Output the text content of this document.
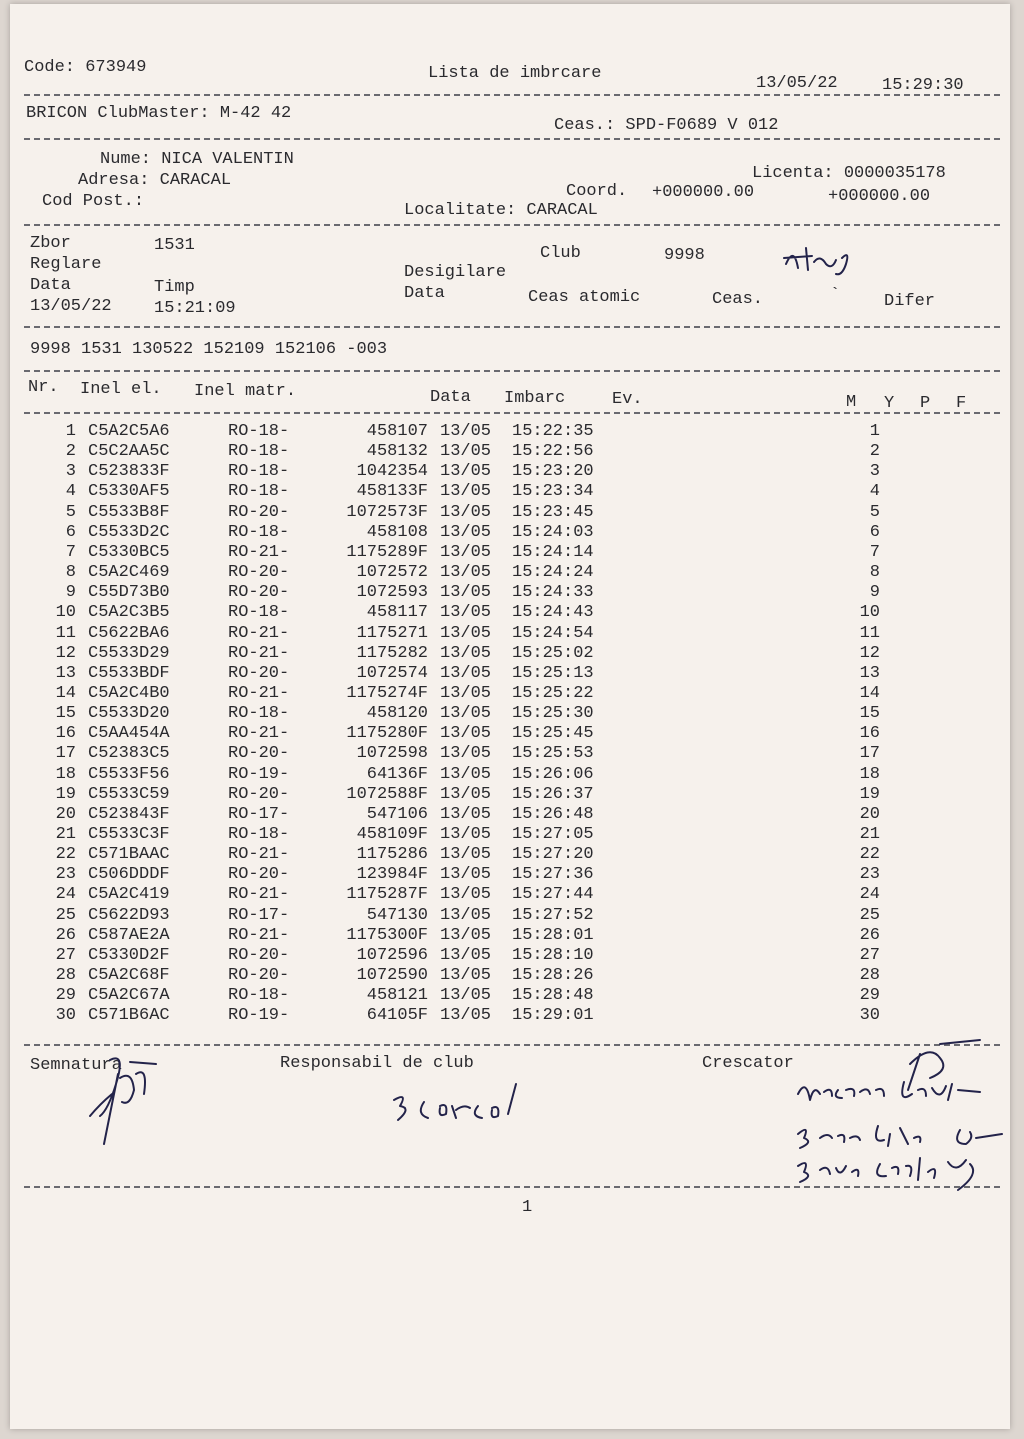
Code: 673949	Lista de imbrcare
13/05/22	15:29:30
BRICON ClubMaster: M-42 42
Ceas.: SPD-F0689 V 012
Nume: NICA VALENTIN
Adresa: CARACAL
Cod Post.:
Licenta: 0000035178
Coord. +000000.00	+000000.00
Localitate: CARACAL
Zbor	1531
Reglare
Data	Timp
13/05/22 15:21:09
Club	9998
Desigilare
Data	Ceas atomic	Ceas.	`	Difer
9998 1531 130522 152109 152106 -003
Nr. Inel el. Inel matr.	Data Imbarc	Ev.	M Y P F
1 C5A2C5A6	RO-18-	458107 13/05 15:22:35	1
2 C5C2AA5C	RO-18-	458132 13/05 15:22:56	2
3 C523833F	RO-18-	1042354 13/05 15:23:20	3
4 C5330AF5	RO-18-	458133F 13/05 15:23:34	4
5 C5533B8F	RO-20-	1072573F 13/05 15:23:45	5
6 C5533D2C	RO-18-	458108 13/05 15:24:03	6
7 C5330BC5	RO-21-	1175289F 13/05 15:24:14	7
8 C5A2C469	RO-20-	1072572 13/05 15:24:24	8
9 C55D73B0	RO-20-	1072593 13/05 15:24:33	9
10 C5A2C3B5	RO-18-	458117 13/05 15:24:43	10
11 C5622BA6	RO-21-	1175271 13/05 15:24:54	11
12 C5533D29	RO-21-	1175282 13/05 15:25:02	12
13 C5533BDF	RO-20-	1072574 13/05 15:25:13	13
14 C5A2C4B0	RO-21-	1175274F 13/05 15:25:22	14
15 C5533D20	RO-18-	458120 13/05 15:25:30	15
16 C5AA454A	RO-21-	1175280F 13/05 15:25:45	16
17 C52383C5	RO-20-	1072598 13/05 15:25:53	17
18 C5533F56	RO-19-	64136F 13/05 15:26:06	18
19 C5533C59	RO-20-	1072588F 13/05 15:26:37	19
20 C523843F	RO-17-	547106 13/05 15:26:48	20
21 C5533C3F	RO-18-	458109F 13/05 15:27:05	21
22 C571BAAC	RO-21-	1175286 13/05 15:27:20	22
23 C506DDDF	RO-20-	123984F 13/05 15:27:36	23
24 C5A2C419	RO-21-	1175287F 13/05 15:27:44	24
25 C5622D93	RO-17-	547130 13/05 15:27:52	25
26 C587AE2A	RO-21-	1175300F 13/05 15:28:01	26
27 C5330D2F	RO-20-	1072596 13/05 15:28:10	27
28 C5A2C68F	RO-20-	1072590 13/05 15:28:26	28
29 C5A2C67A	RO-18-	458121 13/05 15:28:48	29
30 C571B6AC	RO-19-	64105F 13/05 15:29:01	30
Semnatura	Responsabil de club	Crescator
1
